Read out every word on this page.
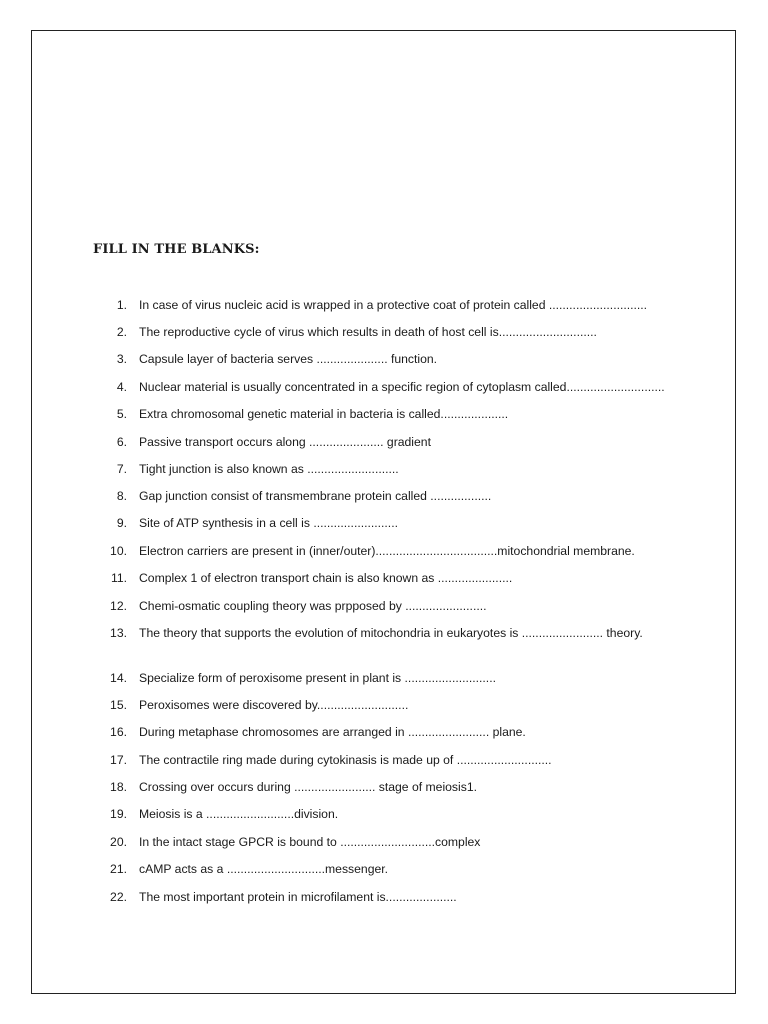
FILL IN THE BLANKS:
1. In case of virus nucleic acid is wrapped in a protective coat of protein called .............................
2. The reproductive cycle of virus which results in death of host cell is.............................
3. Capsule layer of bacteria serves ..................... function.
4. Nuclear material is usually concentrated in a specific region of cytoplasm called.............................
5. Extra chromosomal genetic material in bacteria is called....................
6. Passive transport occurs along ...................... gradient
7. Tight junction is also known as ...........................
8. Gap junction consist of transmembrane protein called ..................
9. Site of ATP synthesis in a cell is .........................
10. Electron carriers are present in (inner/outer)....................................mitochondrial membrane.
11. Complex 1 of electron transport chain is also known as ......................
12. Chemi-osmatic coupling theory was prpposed by ........................
13. The theory that supports the evolution of mitochondria in eukaryotes is ........................ theory.
14. Specialize form of peroxisome present in plant is ...........................
15. Peroxisomes were discovered by...........................
16. During metaphase chromosomes are arranged in ........................ plane.
17. The contractile ring made during cytokinasis is made up of ............................
18. Crossing over occurs during ........................ stage of meiosis1.
19. Meiosis is a ..........................division.
20. In the intact stage GPCR is bound to ............................complex
21. cAMP acts as a .............................messenger.
22. The most important protein in microfilament is.....................
